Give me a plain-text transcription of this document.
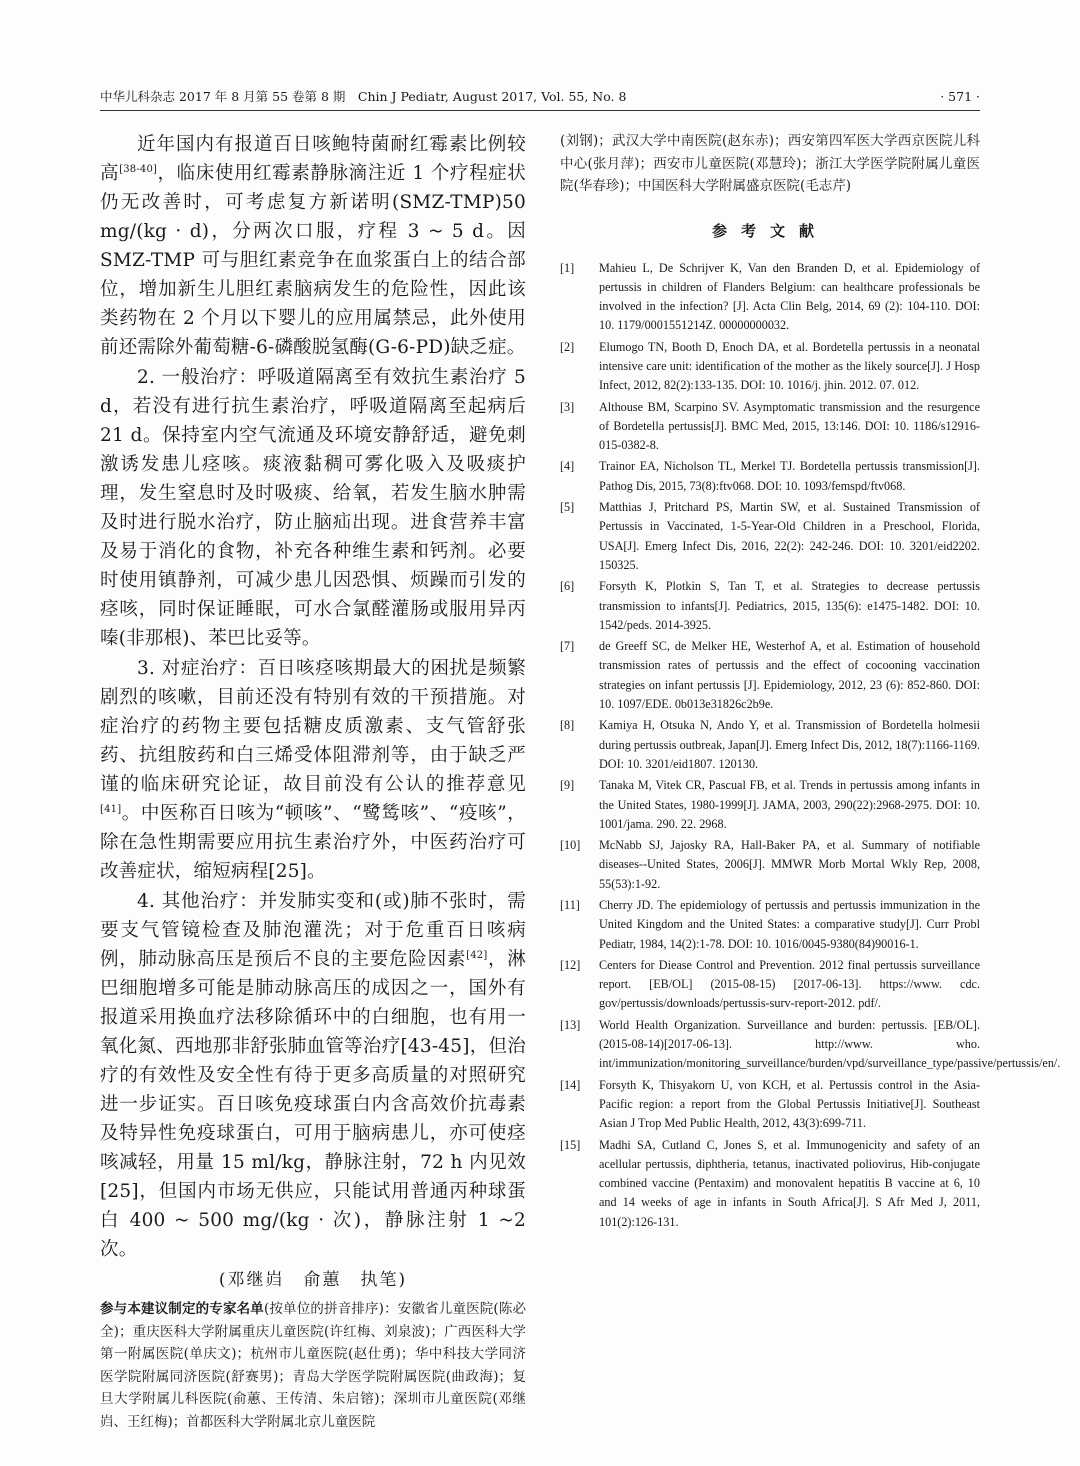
中华儿科杂志 2017 年 8 月第 55 卷第 8 期　Chin J Pediatr, August 2017, Vol. 55, No. 8	· 571 ·

近年国内有报道百日咳鲍特菌耐红霉素比例较高[38-40]，临床使用红霉素静脉滴注近 1 个疗程症状仍无改善时，可考虑复方新诺明(SMZ-TMP)50 mg/(kg · d)，分两次口服，疗程 3 ~ 5 d。因 SMZ-TMP 可与胆红素竞争在血浆蛋白上的结合部位，增加新生儿胆红素脑病发生的危险性，因此该类药物在 2 个月以下婴儿的应用属禁忌，此外使用前还需除外葡萄糖-6-磷酸脱氢酶(G-6-PD)缺乏症。

2. 一般治疗：呼吸道隔离至有效抗生素治疗 5 d，若没有进行抗生素治疗，呼吸道隔离至起病后 21 d。保持室内空气流通及环境安静舒适，避免刺激诱发患儿痉咳。痰液黏稠可雾化吸入及吸痰护理，发生窒息时及时吸痰、给氧，若发生脑水肿需及时进行脱水治疗，防止脑疝出现。进食营养丰富及易于消化的食物，补充各种维生素和钙剂。必要时使用镇静剂，可减少患儿因恐惧、烦躁而引发的痉咳，同时保证睡眠，可水合氯醛灌肠或服用异丙嗪(非那根)、苯巴比妥等。

3. 对症治疗：百日咳痉咳期最大的困扰是频繁剧烈的咳嗽，目前还没有特别有效的干预措施。对症治疗的药物主要包括糖皮质激素、支气管舒张药、抗组胺药和白三烯受体阻滞剂等，由于缺乏严谨的临床研究论证，故目前没有公认的推荐意见[41]。中医称百日咳为“顿咳”、“鹭鸶咳”、“疫咳”，除在急性期需要应用抗生素治疗外，中医药治疗可改善症状，缩短病程[25]。

4. 其他治疗：并发肺实变和(或)肺不张时，需要支气管镜检查及肺泡灌洗；对于危重百日咳病例，肺动脉高压是预后不良的主要危险因素[42]，淋巴细胞增多可能是肺动脉高压的成因之一，国外有报道采用换血疗法移除循环中的白细胞，也有用一氧化氮、西地那非舒张肺血管等治疗[43-45]，但治疗的有效性及安全性有待于更多高质量的对照研究进一步证实。百日咳免疫球蛋白内含高效价抗毒素及特异性免疫球蛋白，可用于脑病患儿，亦可使痉咳减轻，用量 15 ml/kg，静脉注射，72 h 内见效[25]，但国内市场无供应，只能试用普通丙种球蛋白 400 ~ 500 mg/(kg · 次)，静脉注射 1 ~2 次。

(邓继岿　俞蕙　执笔)

参与本建议制定的专家名单(按单位的拼音排序)：安徽省儿童医院(陈必全)；重庆医科大学附属重庆儿童医院(许红梅、刘泉波)；广西医科大学第一附属医院(单庆文)；杭州市儿童医院(赵仕勇)；华中科技大学同济医学院附属同济医院(舒赛男)；青岛大学医学院附属医院(曲政海)；复旦大学附属儿科医院(俞蕙、王传清、朱启镕)；深圳市儿童医院(邓继岿、王红梅)；首都医科大学附属北京儿童医院

(刘钢)；武汉大学中南医院(赵东赤)；西安第四军医大学西京医院儿科中心(张月萍)；西安市儿童医院(邓慧玲)；浙江大学医学院附属儿童医院(华春珍)；中国医科大学附属盛京医院(毛志芹)

参考文献
[1]	Mahieu L, De Schrijver K, Van den Branden D, et al. Epidemiology of pertussis in children of Flanders Belgium: can healthcare professionals be involved in the infection? [J]. Acta Clin Belg, 2014, 69 (2): 104-110. DOI: 10. 1179/0001551214Z. 00000000032.
[2]	Elumogo TN, Booth D, Enoch DA, et al. Bordetella pertussis in a neonatal intensive care unit: identification of the mother as the likely source[J]. J Hosp Infect, 2012, 82(2):133-135. DOI: 10. 1016/j. jhin. 2012. 07. 012.
[3]	Althouse BM, Scarpino SV. Asymptomatic transmission and the resurgence of Bordetella pertussis[J]. BMC Med, 2015, 13:146. DOI: 10. 1186/s12916-015-0382-8.
[4]	Trainor EA, Nicholson TL, Merkel TJ. Bordetella pertussis transmission[J]. Pathog Dis, 2015, 73(8):ftv068. DOI: 10. 1093/femspd/ftv068.
[5]	Matthias J, Pritchard PS, Martin SW, et al. Sustained Transmission of Pertussis in Vaccinated, 1-5-Year-Old Children in a Preschool, Florida, USA[J]. Emerg Infect Dis, 2016, 22(2): 242-246. DOI: 10. 3201/eid2202. 150325.
[6]	Forsyth K, Plotkin S, Tan T, et al. Strategies to decrease pertussis transmission to infants[J]. Pediatrics, 2015, 135(6): e1475-1482. DOI: 10. 1542/peds. 2014-3925.
[7]	de Greeff SC, de Melker HE, Westerhof A, et al. Estimation of household transmission rates of pertussis and the effect of cocooning vaccination strategies on infant pertussis [J]. Epidemiology, 2012, 23 (6): 852-860. DOI: 10. 1097/EDE. 0b013e31826c2b9e.
[8]	Kamiya H, Otsuka N, Ando Y, et al. Transmission of Bordetella holmesii during pertussis outbreak, Japan[J]. Emerg Infect Dis, 2012, 18(7):1166-1169. DOI: 10. 3201/eid1807. 120130.
[9]	Tanaka M, Vitek CR, Pascual FB, et al. Trends in pertussis among infants in the United States, 1980-1999[J]. JAMA, 2003, 290(22):2968-2975. DOI: 10. 1001/jama. 290. 22. 2968.
[10]	McNabb SJ, Jajosky RA, Hall-Baker PA, et al. Summary of notifiable diseases--United States, 2006[J]. MMWR Morb Mortal Wkly Rep, 2008, 55(53):1-92.
[11]	Cherry JD. The epidemiology of pertussis and pertussis immunization in the United Kingdom and the United States: a comparative study[J]. Curr Probl Pediatr, 1984, 14(2):1-78. DOI: 10. 1016/0045-9380(84)90016-1.
[12]	Centers for Diease Control and Prevention. 2012 final pertussis surveillance report. [EB/OL] (2015-08-15) [2017-06-13]. https://www. cdc. gov/pertussis/downloads/pertussis-surv-report-2012. pdf/.
[13]	World Health Organization. Surveillance and burden: pertussis. [EB/OL]. (2015-08-14)[2017-06-13]. http://www. who. int/immunization/monitoring_surveillance/burden/vpd/surveillance_type/passive/pertussis/en/.
[14]	Forsyth K, Thisyakorn U, von KCH, et al. Pertussis control in the Asia-Pacific region: a report from the Global Pertussis Initiative[J]. Southeast Asian J Trop Med Public Health, 2012, 43(3):699-711.
[15]	Madhi SA, Cutland C, Jones S, et al. Immunogenicity and safety of an acellular pertussis, diphtheria, tetanus, inactivated poliovirus, Hib-conjugate combined vaccine (Pentaxim) and monovalent hepatitis B vaccine at 6, 10 and 14 weeks of age in infants in South Africa[J]. S Afr Med J, 2011, 101(2):126-131.
